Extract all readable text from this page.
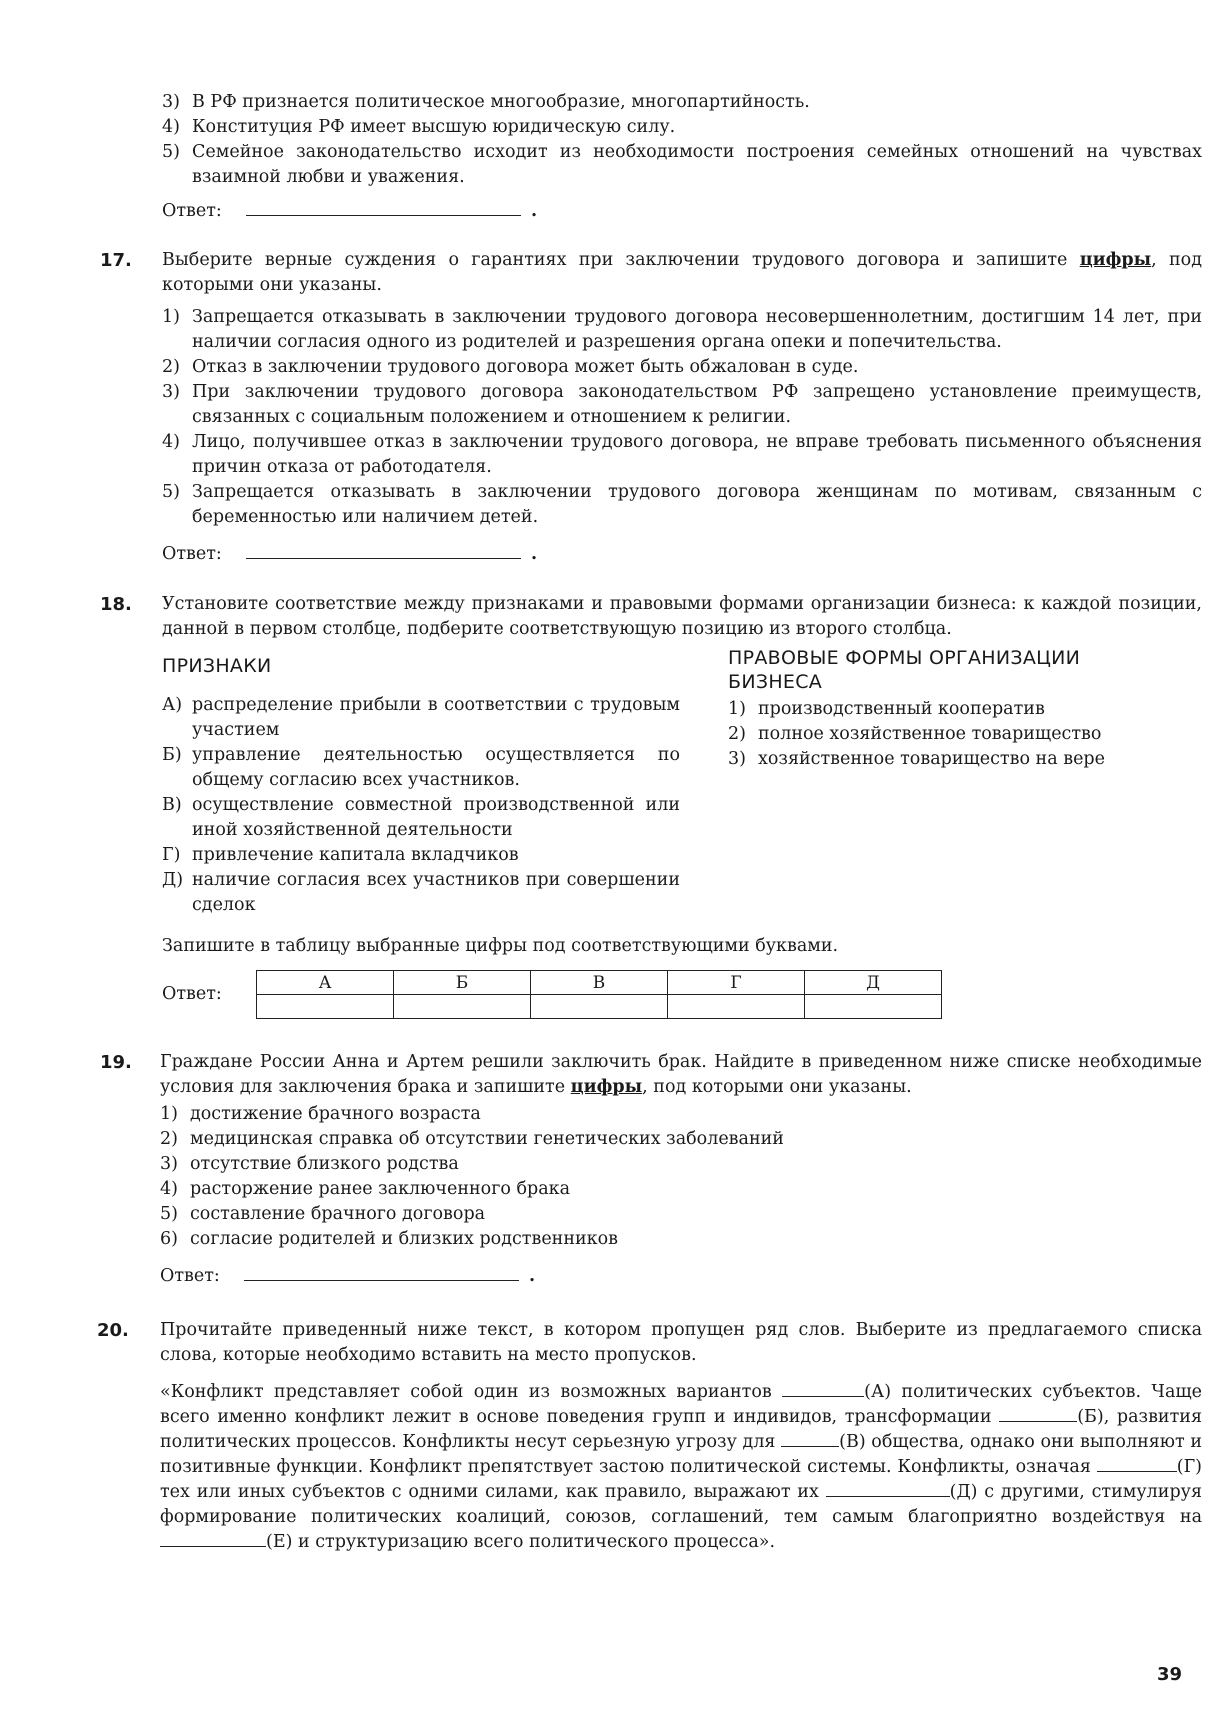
3) В РФ признается политическое многообразие, многопартийность.
4) Конституция РФ имеет высшую юридическую силу.
5) Семейное законодательство исходит из необходимости построения семейных отношений на чувствах взаимной любви и уважения.
Ответ:	.
17. Выберите верные суждения о гарантиях при заключении трудового договора и запишите цифры, под которыми они указаны.

1) Запрещается отказывать в заключении трудового договора несовершеннолетним, достигшим 14 лет, при наличии согласия одного из родителей и разрешения органа опеки и попечительства.
2) Отказ в заключении трудового договора может быть обжалован в суде.
3) При заключении трудового договора законодательством РФ запрещено установление преимуществ, связанных с социальным положением и отношением к религии.
4) Лицо, получившее отказ в заключении трудового договора, не вправе требовать письменного объяснения причин отказа от работодателя.
5) Запрещается отказывать в заключении трудового договора женщинам по мотивам, связанным с беременностью или наличием детей.
Ответ:	.
18. Установите соответствие между признаками и правовыми формами организации бизнеса: к каждой позиции, данной в первом столбце, подберите соответствующую позицию из второго столбца.

ПРИЗНАКИ	ПРАВОВЫЕ ФОРМЫ ОРГАНИЗАЦИИ БИЗНЕСА
А) распределение прибыли в соответствии с трудовым участием
Б) управление деятельностью осуществляется по общему согласию всех участников.
В) осуществление совместной производственной или иной хозяйственной деятельности
Г) привлечение капитала вкладчиков
Д) наличие согласия всех участников при совершении сделок
1) производственный кооператив
2) полное хозяйственное товарищество
3) хозяйственное товарищество на вере
Запишите в таблицу выбранные цифры под соответствующими буквами.
Ответ:
А	Б	В	Г	Д

19. Граждане России Анна и Артем решили заключить брак. Найдите в приведенном ниже списке необходимые условия для заключения брака и запишите цифры, под которыми они указаны.

1) достижение брачного возраста
2) медицинская справка об отсутствии генетических заболеваний
3) отсутствие близкого родства
4) расторжение ранее заключенного брака
5) составление брачного договора
6) согласие родителей и близких родственников
Ответ:	.
20. Прочитайте приведенный ниже текст, в котором пропущен ряд слов. Выберите из предлагаемого списка слова, которые необходимо вставить на место пропусков.

«Конфликт представляет собой один из возможных вариантов	(А) политических субъектов. Чаще всего именно конфликт лежит в основе поведения групп и индивидов, трансформации	(Б), развития политических процессов. Конфликты несут серьезную угрозу для	(В) общества, однако они выполняют и позитивные функции. Конфликт препятствует застою политической системы. Конфликты, означая	(Г) тех или иных субъектов с одними силами, как правило, выражают их	(Д) с другими, стимулируя формирование политических коалиций, союзов, соглашений, тем самым благоприятно воздействуя на (Е) и структуризацию всего политического процесса».

39
